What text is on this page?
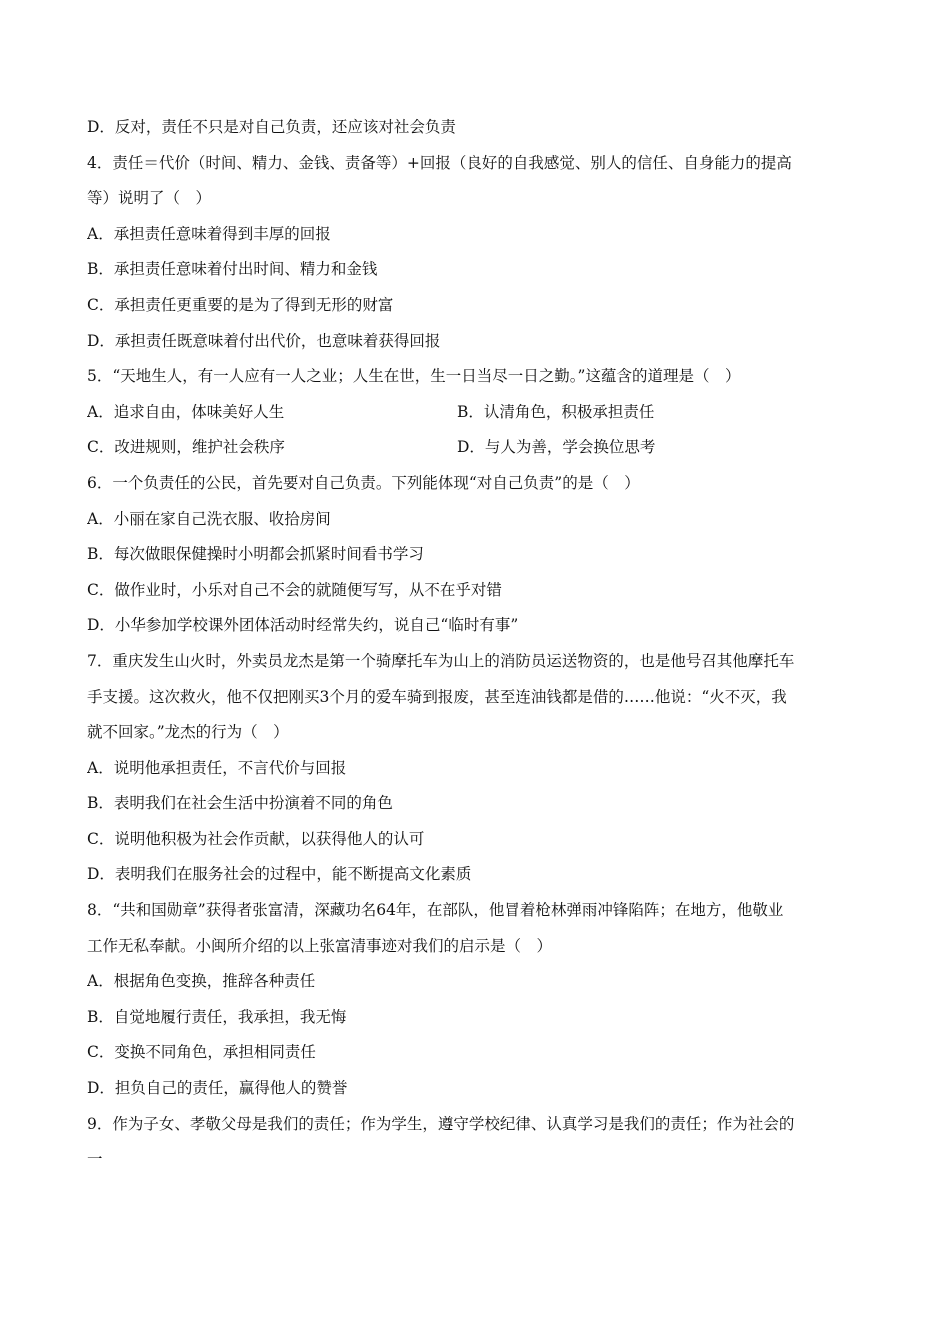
D．反对，责任不只是对自己负责，还应该对社会负责
4．责任＝代价（时间、精力、金钱、责备等）+回报（良好的自我感觉、别人的信任、自身能力的提高
等）说明了（　）
A．承担责任意味着得到丰厚的回报
B．承担责任意味着付出时间、精力和金钱
C．承担责任更重要的是为了得到无形的财富
D．承担责任既意味着付出代价，也意味着获得回报
5．“天地生人，有一人应有一人之业；人生在世，生一日当尽一日之勤。”这蕴含的道理是（　）
A．追求自由，体味美好人生	B．认清角色，积极承担责任
C．改进规则，维护社会秩序	D．与人为善，学会换位思考
6．一个负责任的公民，首先要对自己负责。下列能体现“对自己负责”的是（　）
A．小丽在家自己洗衣服、收拾房间
B．每次做眼保健操时小明都会抓紧时间看书学习
C．做作业时，小乐对自己不会的就随便写写，从不在乎对错
D．小华参加学校课外团体活动时经常失约，说自己“临时有事”
7．重庆发生山火时，外卖员龙杰是第一个骑摩托车为山上的消防员运送物资的，也是他号召其他摩托车
手支援。这次救火，他不仅把刚买3个月的爱车骑到报废，甚至连油钱都是借的……他说：“火不灭，我
就不回家。”龙杰的行为（　）
A．说明他承担责任，不言代价与回报
B．表明我们在社会生活中扮演着不同的角色
C．说明他积极为社会作贡献，以获得他人的认可
D．表明我们在服务社会的过程中，能不断提高文化素质
8．“共和国勋章”获得者张富清，深藏功名64年，在部队，他冒着枪林弹雨冲锋陷阵；在地方，他敬业
工作无私奉献。小闽所介绍的以上张富清事迹对我们的启示是（　）
A．根据角色变换，推辞各种责任
B．自觉地履行责任，我承担，我无悔
C．变换不同角色，承担相同责任
D．担负自己的责任，赢得他人的赞誉
9．作为子女、孝敬父母是我们的责任；作为学生，遵守学校纪律、认真学习是我们的责任；作为社会的
一
